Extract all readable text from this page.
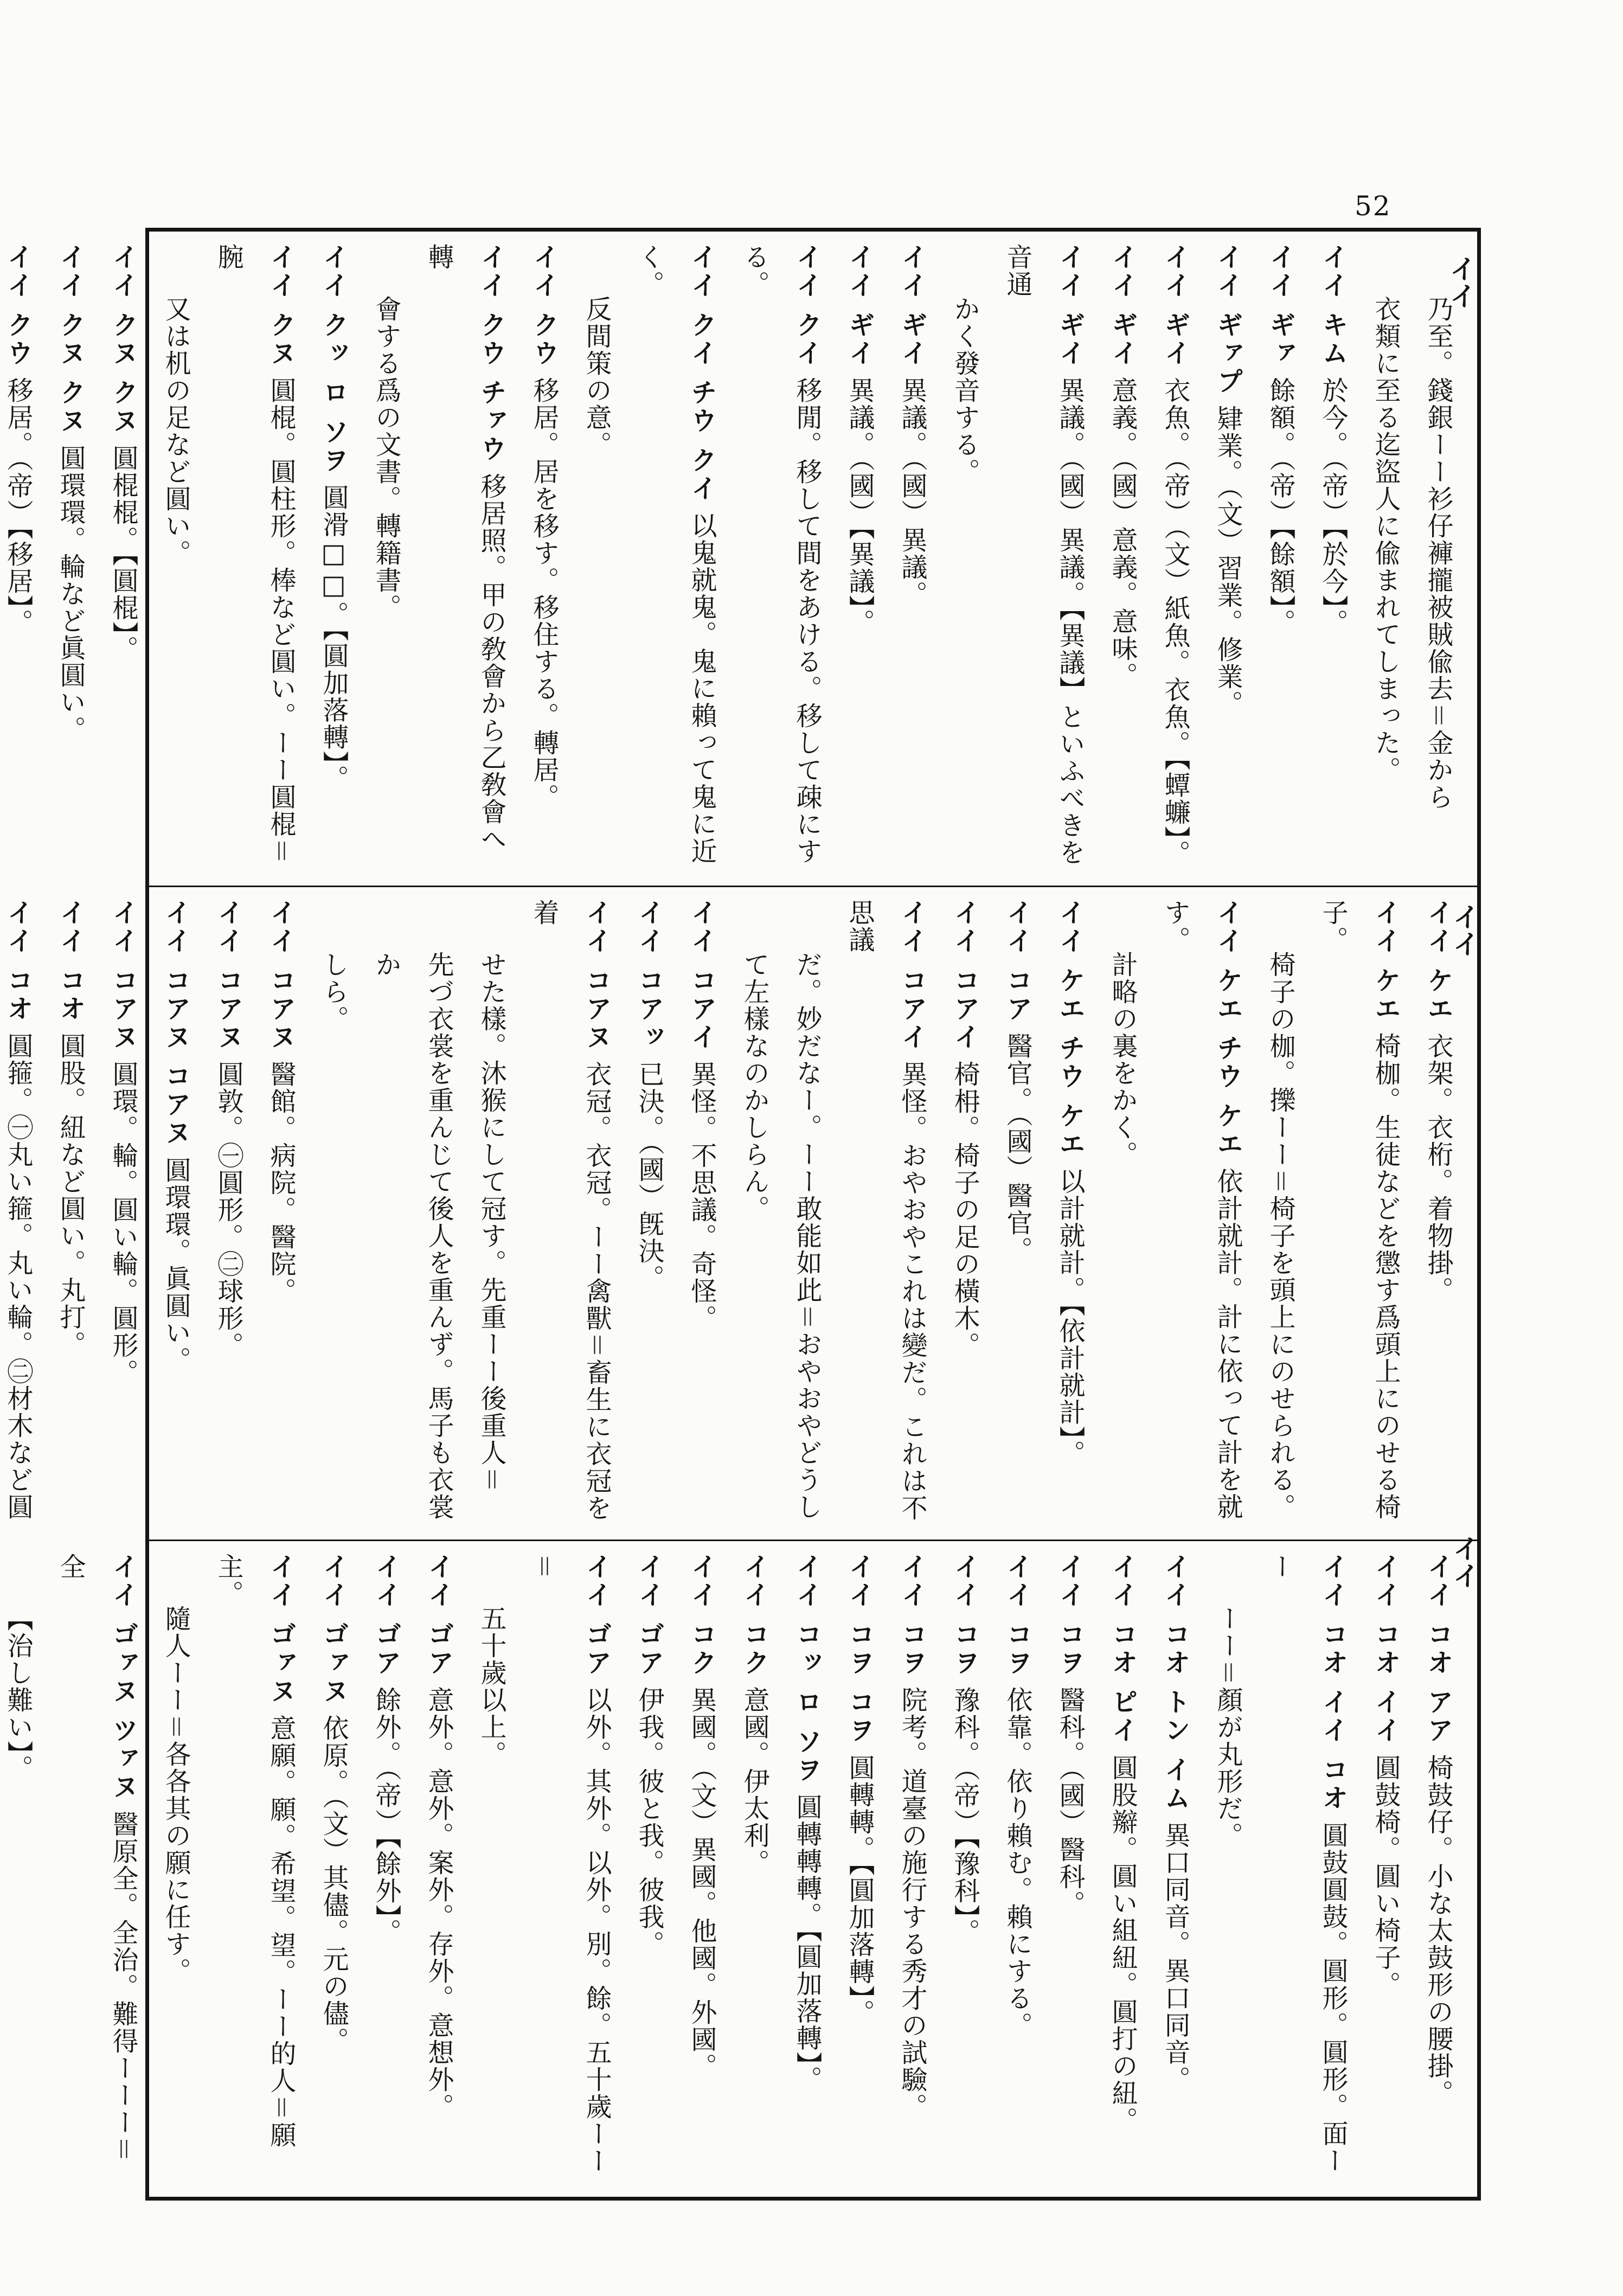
52
イイ
イイ
イイ

乃至。錢銀ーー衫仔褲攏被賊偸去＝金から

衣類に至る迄盜人に偸まれてしまった。

イイ キム 於今。（帝）【於今】。

イイ ギァ 餘額。（帝）【餘額】。

イイ ギァプ 肄業。（文）習業。修業。

イイ ギイ 衣魚。（帝）（文）紙魚。衣魚。【蟫蠊】。

イイ ギイ 意義。（國）意義。意味。

イイ ギイ 異議。（國）異議。【異議】といふべきを音通

かく發音する。

イイ ギイ 異議。（國）異議。

イイ ギイ 異議。（國）【異議】。

イイ クイ 移閒。移して間をあける。移して疎にする。

イイ クイ チウ クイ 以鬼就鬼。鬼に賴って鬼に近く。

反間策の意。

イイ クウ 移居。居を移す。移住する。轉居。

イイ クウ チァウ 移居照。甲の敎會から乙敎會へ轉

會する爲の文書。轉籍書。

イイ クッ ロ ソヲ 圓滑□□。【圓加落轉】。

イイ クヌ 圓棍。圓柱形。棒など圓い。ーー圓棍＝腕

又は机の足など圓い。

イイ クヌ クヌ 圓棍棍。【圓棍】。

イイ クヌ クヌ 圓環環。輪など眞圓い。

イイ クウ 移居。（帝）【移居】。

イイ ケエ 衣架。衣桁。着物掛。

イイ ケエ 椅枷。生徒などを懲す爲頭上にのせる椅子。

椅子の枷。擽ーー＝椅子を頭上にのせられる。

イイ ケエ チウ ケエ 依計就計。計に依って計を就す。

計略の裏をかく。

イイ ケエ チウ ケエ 以計就計。【依計就計】。

イイ コア 醫官。（國）醫官。

イイ コアイ 椅枏。椅子の足の橫木。

イイ コアイ 異怪。おやおやこれは變だ。これは不思議

だ。妙だなー。ーー敢能如此＝おやおやどうし

て左樣なのかしらん。

イイ コアイ 異怪。不思議。奇怪。

イイ コアッ 已決。（國）旣決。

イイ コアヌ 衣冠。衣冠。ーー禽獸＝畜生に衣冠を着

せた樣。沐猴にして冠す。先重ーー後重人＝

先づ衣裳を重んじて後人を重んず。馬子も衣裳か

しら。

イイ コアヌ 醫館。病院。醫院。

イイ コアヌ 圓敦。㊀圓形。㊁球形。

イイ コアヌ コアヌ 圓環環。眞圓い。

イイ コアヌ 圓環。輪。圓い輪。圓形。

イイ コオ 圓股。紐など圓い。丸打。

イイ コオ 圓箍。㊀丸い箍。丸い輪。㊁材木など圓

イイ コオ アア 椅鼓仔。小な太鼓形の腰掛。

イイ コオ イイ 圓鼓椅。圓い椅子。

イイ コオ イイ コオ 圓鼓圓鼓。圓形。圓形。面ーー

ーー＝顏が丸形だ。

イイ コオ トン イム 異口同音。異口同音。

イイ コオ ピイ 圓股辮。圓い組紐。圓打の紐。

イイ コヲ 醫科。（國）醫科。

イイ コヲ 依靠。依り賴む。賴にする。

イイ コヲ 豫科。（帝）【豫科】。

イイ コヲ 院考。道臺の施行する秀才の試驗。

イイ コヲ コヲ 圓轉轉。【圓加落轉】。

イイ コッ ロ ソヲ 圓轉轉轉。【圓加落轉】。

イイ コク 意國。伊太利。

イイ コク 異國。（文）異國。他國。外國。

イイ ゴア 伊我。彼と我。彼我。

イイ ゴア 以外。其外。以外。別。餘。五十歲ーー＝

五十歲以上。

イイ ゴア 意外。意外。案外。存外。意想外。

イイ ゴア 餘外。（帝）【餘外】。

イイ ゴァヌ 依原。（文）其儘。元の儘。

イイ ゴァヌ 意願。願。希望。望。ーー的人＝願主。

隨人ーー＝各各其の願に任す。

イイ ゴァヌ ツァヌ 醫原全。全治。難得ーーー＝全

【治し難い】。
